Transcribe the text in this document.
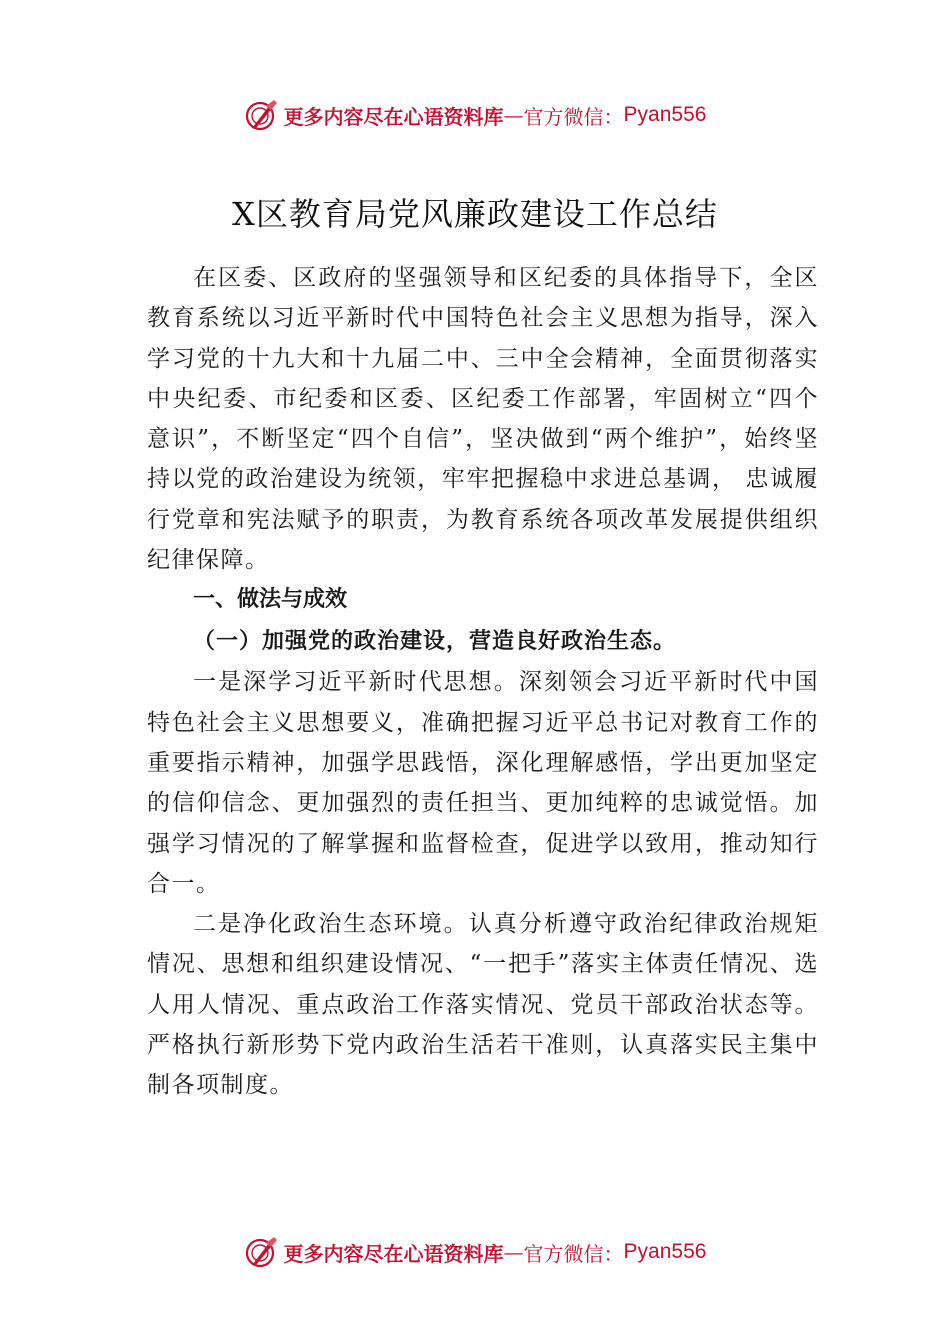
更多内容尽在心语资料库 — 官方微信： Pyan556
X区教育局党风廉政建设工作总结

在区委、区政府的坚强领导和区纪委的具体指导下，全区教育系统以习近平新时代中国特色社会主义思想为指导，深入学习党的十九大和十九届二中、三中全会精神，全面贯彻落实中央纪委、市纪委和区委、区纪委工作部署，牢固树立“四个意识”，不断坚定“四个自信”，坚决做到“两个维护”，始终坚持以党的政治建设为统领，牢牢把握稳中求进总基调， 忠诚履行党章和宪法赋予的职责，为教育系统各项改革发展提供组织纪律保障。

一、做法与成效

（一）加强党的政治建设，营造良好政治生态。

一是深学习近平新时代思想。深刻领会习近平新时代中国特色社会主义思想要义，准确把握习近平总书记对教育工作的重要指示精神，加强学思践悟，深化理解感悟，学出更加坚定的信仰信念、更加强烈的责任担当、更加纯粹的忠诚觉悟。加强学习情况的了解掌握和监督检查，促进学以致用，推动知行合一。

二是净化政治生态环境。认真分析遵守政治纪律政治规矩情况、思想和组织建设情况、“一把手”落实主体责任情况、选人用人情况、重点政治工作落实情况、党员干部政治状态等。严格执行新形势下党内政治生活若干准则，认真落实民主集中制各项制度。

更多内容尽在心语资料库 — 官方微信： Pyan556
